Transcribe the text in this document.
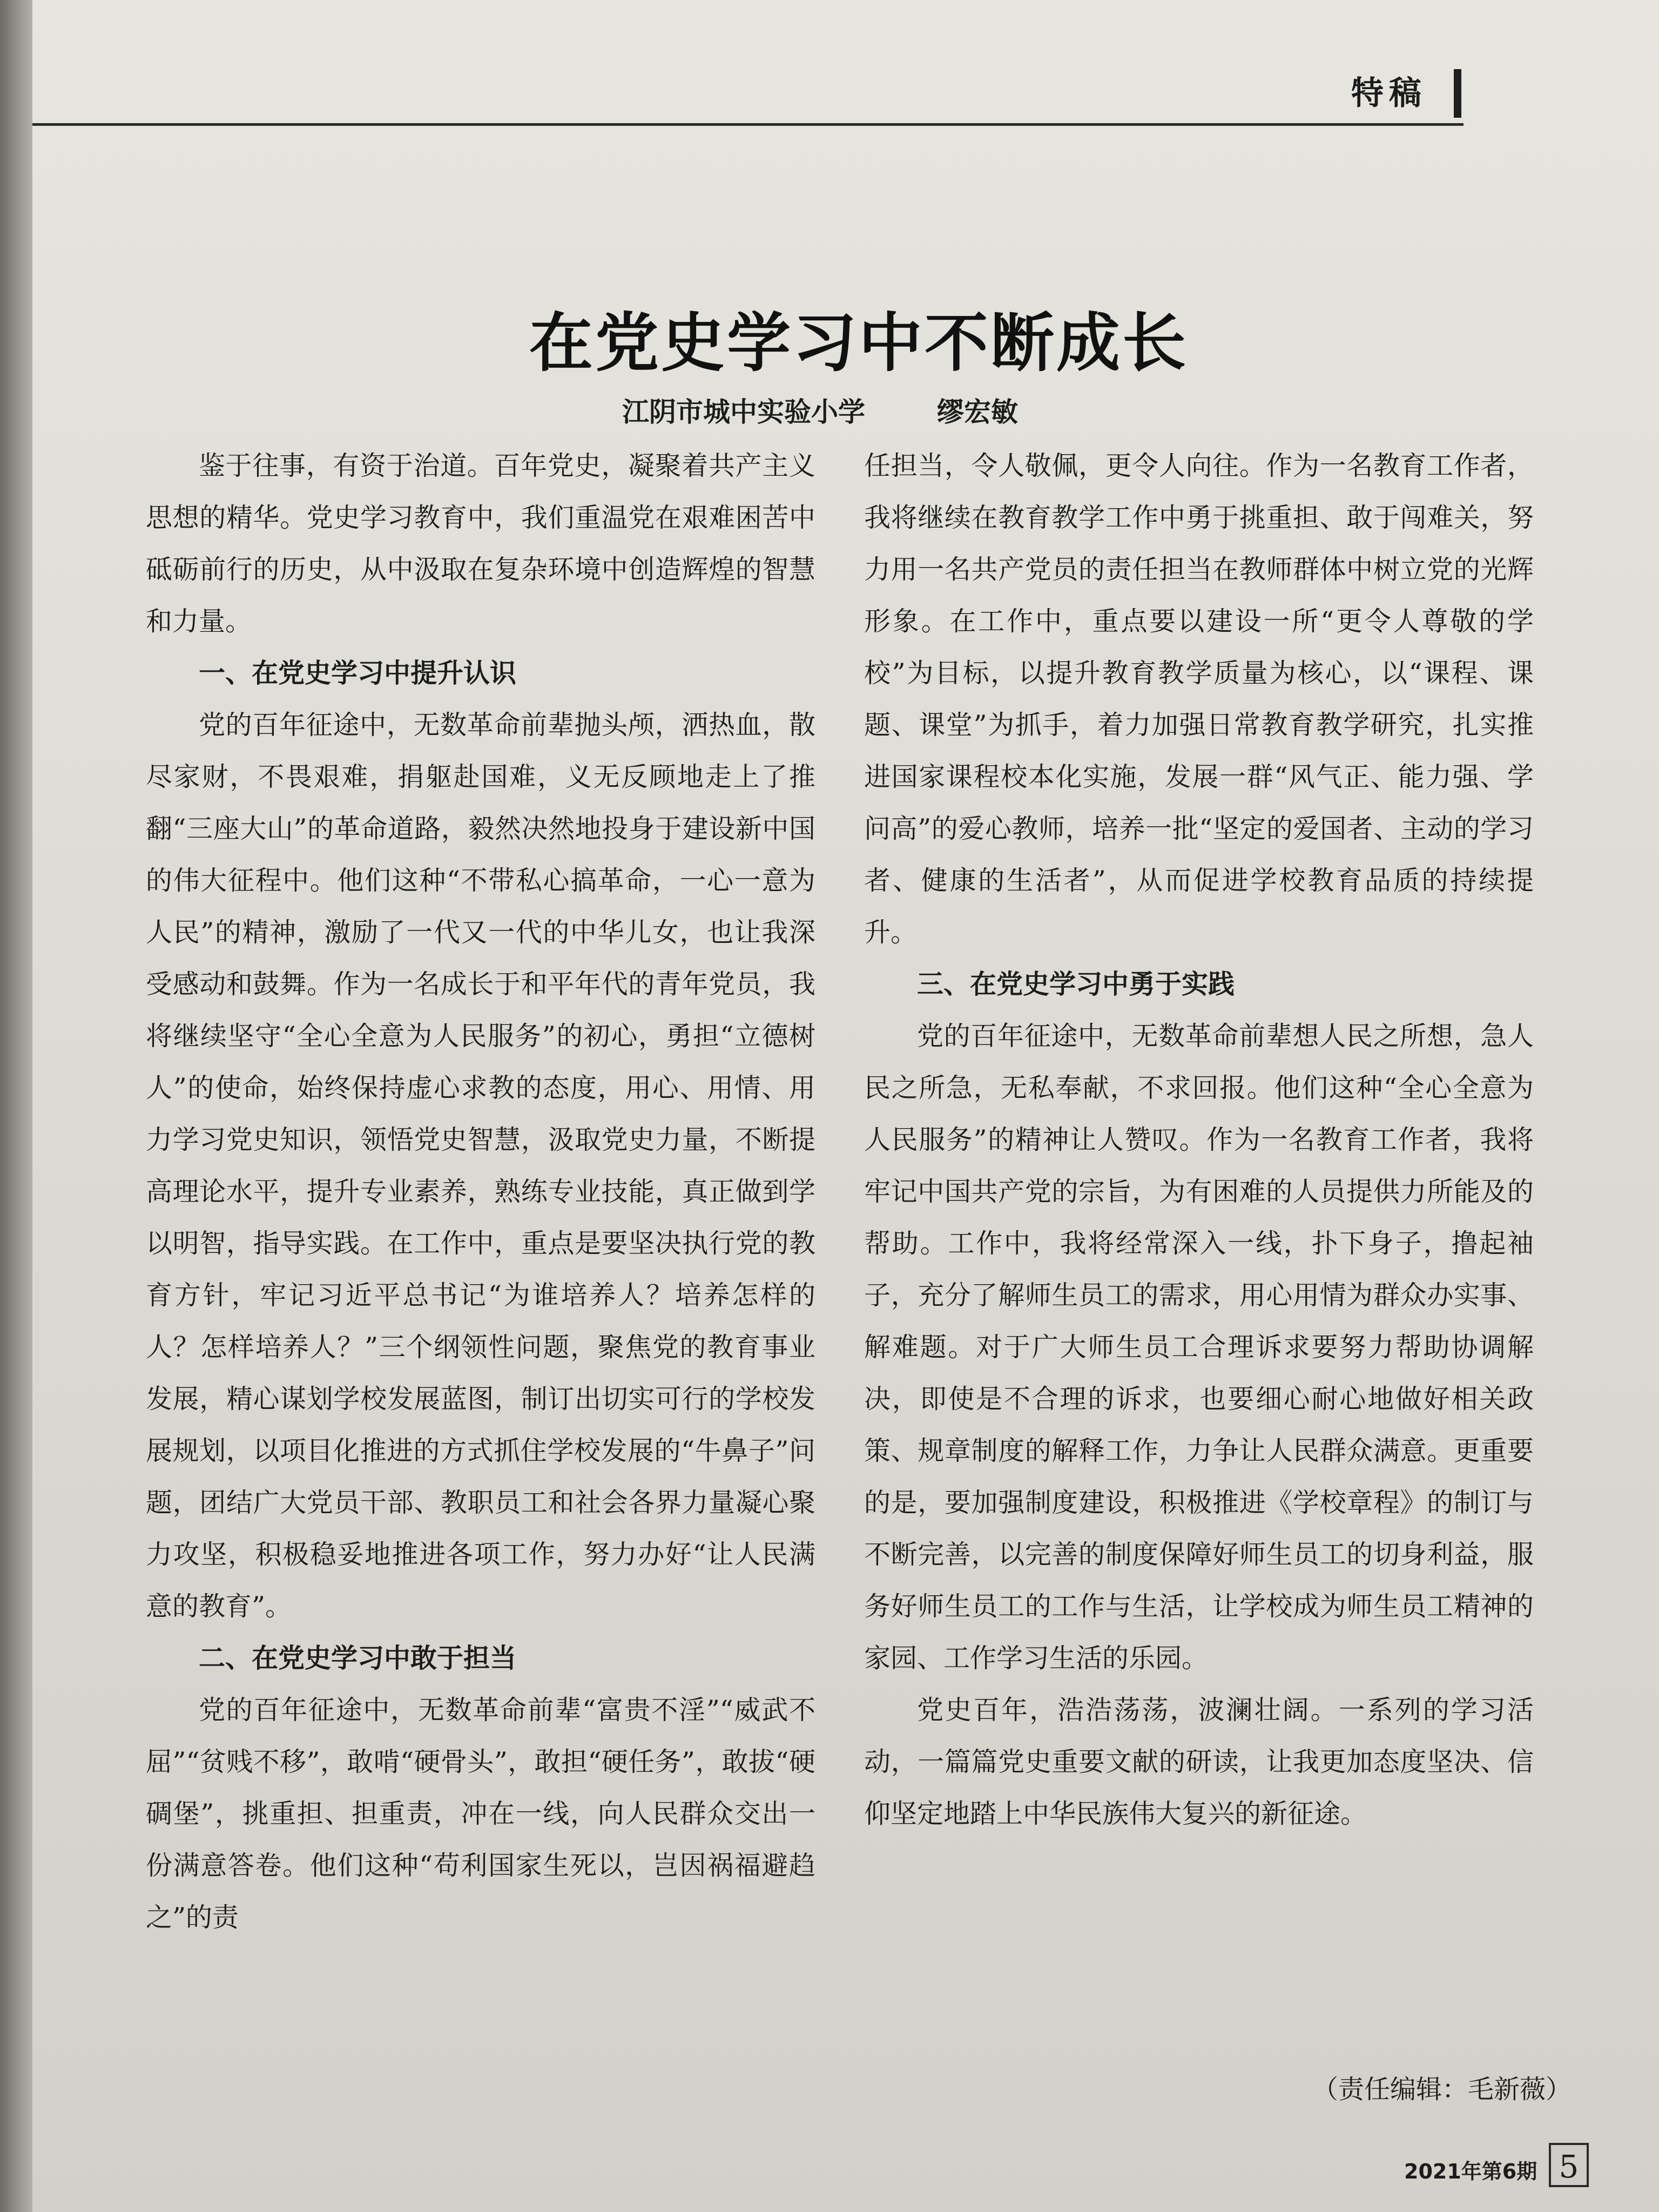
特稿
在党史学习中不断成长
江阴市城中实验小学	缪宏敏

鉴于往事，有资于治道。百年党史，凝聚着共产主义思想的精华。党史学习教育中，我们重温党在艰难困苦中砥砺前行的历史，从中汲取在复杂环境中创造辉煌的智慧和力量。

一、在党史学习中提升认识

党的百年征途中，无数革命前辈抛头颅，洒热血，散尽家财，不畏艰难，捐躯赴国难，义无反顾地走上了推翻“三座大山”的革命道路，毅然决然地投身于建设新中国的伟大征程中。他们这种“不带私心搞革命，一心一意为人民”的精神，激励了一代又一代的中华儿女，也让我深受感动和鼓舞。作为一名成长于和平年代的青年党员，我将继续坚守“全心全意为人民服务”的初心，勇担“立德树人”的使命，始终保持虚心求教的态度，用心、用情、用力学习党史知识，领悟党史智慧，汲取党史力量，不断提高理论水平，提升专业素养，熟练专业技能，真正做到学以明智，指导实践。在工作中，重点是要坚决执行党的教育方针，牢记习近平总书记“为谁培养人？培养怎样的人？怎样培养人？”三个纲领性问题，聚焦党的教育事业发展，精心谋划学校发展蓝图，制订出切实可行的学校发展规划，以项目化推进的方式抓住学校发展的“牛鼻子”问题，团结广大党员干部、教职员工和社会各界力量凝心聚力攻坚，积极稳妥地推进各项工作，努力办好“让人民满意的教育”。

二、在党史学习中敢于担当

党的百年征途中，无数革命前辈“富贵不淫”“威武不屈”“贫贱不移”，敢啃“硬骨头”，敢担“硬任务”，敢拔“硬碉堡”，挑重担、担重责，冲在一线，向人民群众交出一份满意答卷。他们这种“苟利国家生死以，岂因祸福避趋之”的责

任担当，令人敬佩，更令人向往。作为一名教育工作者，我将继续在教育教学工作中勇于挑重担、敢于闯难关，努力用一名共产党员的责任担当在教师群体中树立党的光辉形象。在工作中，重点要以建设一所“更令人尊敬的学校”为目标，以提升教育教学质量为核心，以“课程、课题、课堂”为抓手，着力加强日常教育教学研究，扎实推进国家课程校本化实施，发展一群“风气正、能力强、学问高”的爱心教师，培养一批“坚定的爱国者、主动的学习者、健康的生活者”，从而促进学校教育品质的持续提升。

三、在党史学习中勇于实践

党的百年征途中，无数革命前辈想人民之所想，急人民之所急，无私奉献，不求回报。他们这种“全心全意为人民服务”的精神让人赞叹。作为一名教育工作者，我将牢记中国共产党的宗旨，为有困难的人员提供力所能及的帮助。工作中，我将经常深入一线，扑下身子，撸起袖子，充分了解师生员工的需求，用心用情为群众办实事、解难题。对于广大师生员工合理诉求要努力帮助协调解决，即使是不合理的诉求，也要细心耐心地做好相关政策、规章制度的解释工作，力争让人民群众满意。更重要的是，要加强制度建设，积极推进《学校章程》的制订与不断完善，以完善的制度保障好师生员工的切身利益，服务好师生员工的工作与生活，让学校成为师生员工精神的家园、工作学习生活的乐园。

党史百年，浩浩荡荡，波澜壮阔。一系列的学习活动，一篇篇党史重要文献的研读，让我更加态度坚决、信仰坚定地踏上中华民族伟大复兴的新征途。

（责任编辑：毛新薇）
2021年第6期 5
